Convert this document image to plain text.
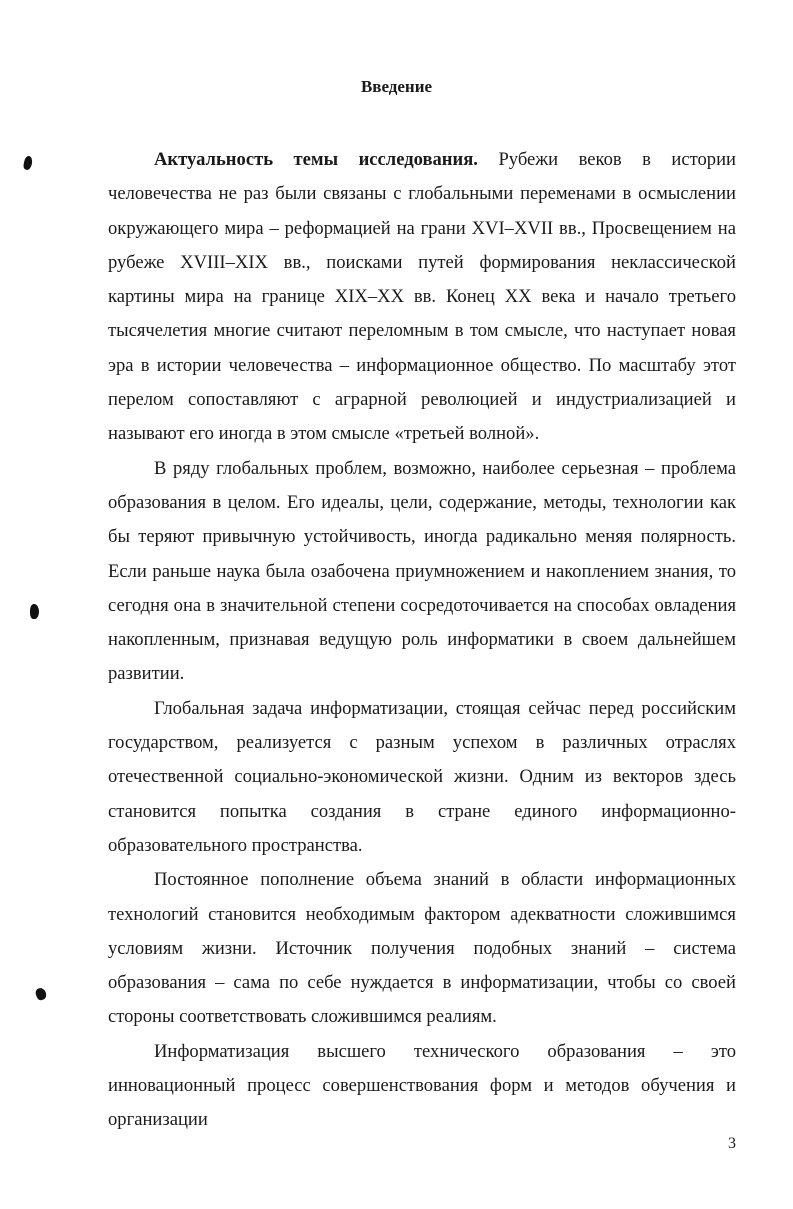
Введение

Актуальность темы исследования. Рубежи веков в истории человечества не раз были связаны с глобальными переменами в осмыслении окружающего мира – реформацией на грани XVI–XVII вв., Просвещением на рубеже XVIII–XIX вв., поисками путей формирования неклассической картины мира на границе XIX–XX вв. Конец XX века и начало третьего тысячелетия многие считают переломным в том смысле, что наступает новая эра в истории человечества – информационное общество. По масштабу этот перелом сопоставляют с аграрной революцией и индустриализацией и называют его иногда в этом смысле «третьей волной».

В ряду глобальных проблем, возможно, наиболее серьезная – проблема образования в целом. Его идеалы, цели, содержание, методы, технологии как бы теряют привычную устойчивость, иногда радикально меняя полярность. Если раньше наука была озабочена приумножением и накоплением знания, то сегодня она в значительной степени сосредоточивается на способах овладения накопленным, признавая ведущую роль информатики в своем дальнейшем развитии.

Глобальная задача информатизации, стоящая сейчас перед российским государством, реализуется с разным успехом в различных отраслях отечественной социально-экономической жизни. Одним из векторов здесь становится попытка создания в стране единого информационно-образовательного пространства.

Постоянное пополнение объема знаний в области информационных технологий становится необходимым фактором адекватности сложившимся условиям жизни. Источник получения подобных знаний – система образования – сама по себе нуждается в информатизации, чтобы со своей стороны соответствовать сложившимся реалиям.

Информатизация высшего технического образования – это инновационный процесс совершенствования форм и методов обучения и организации

3
